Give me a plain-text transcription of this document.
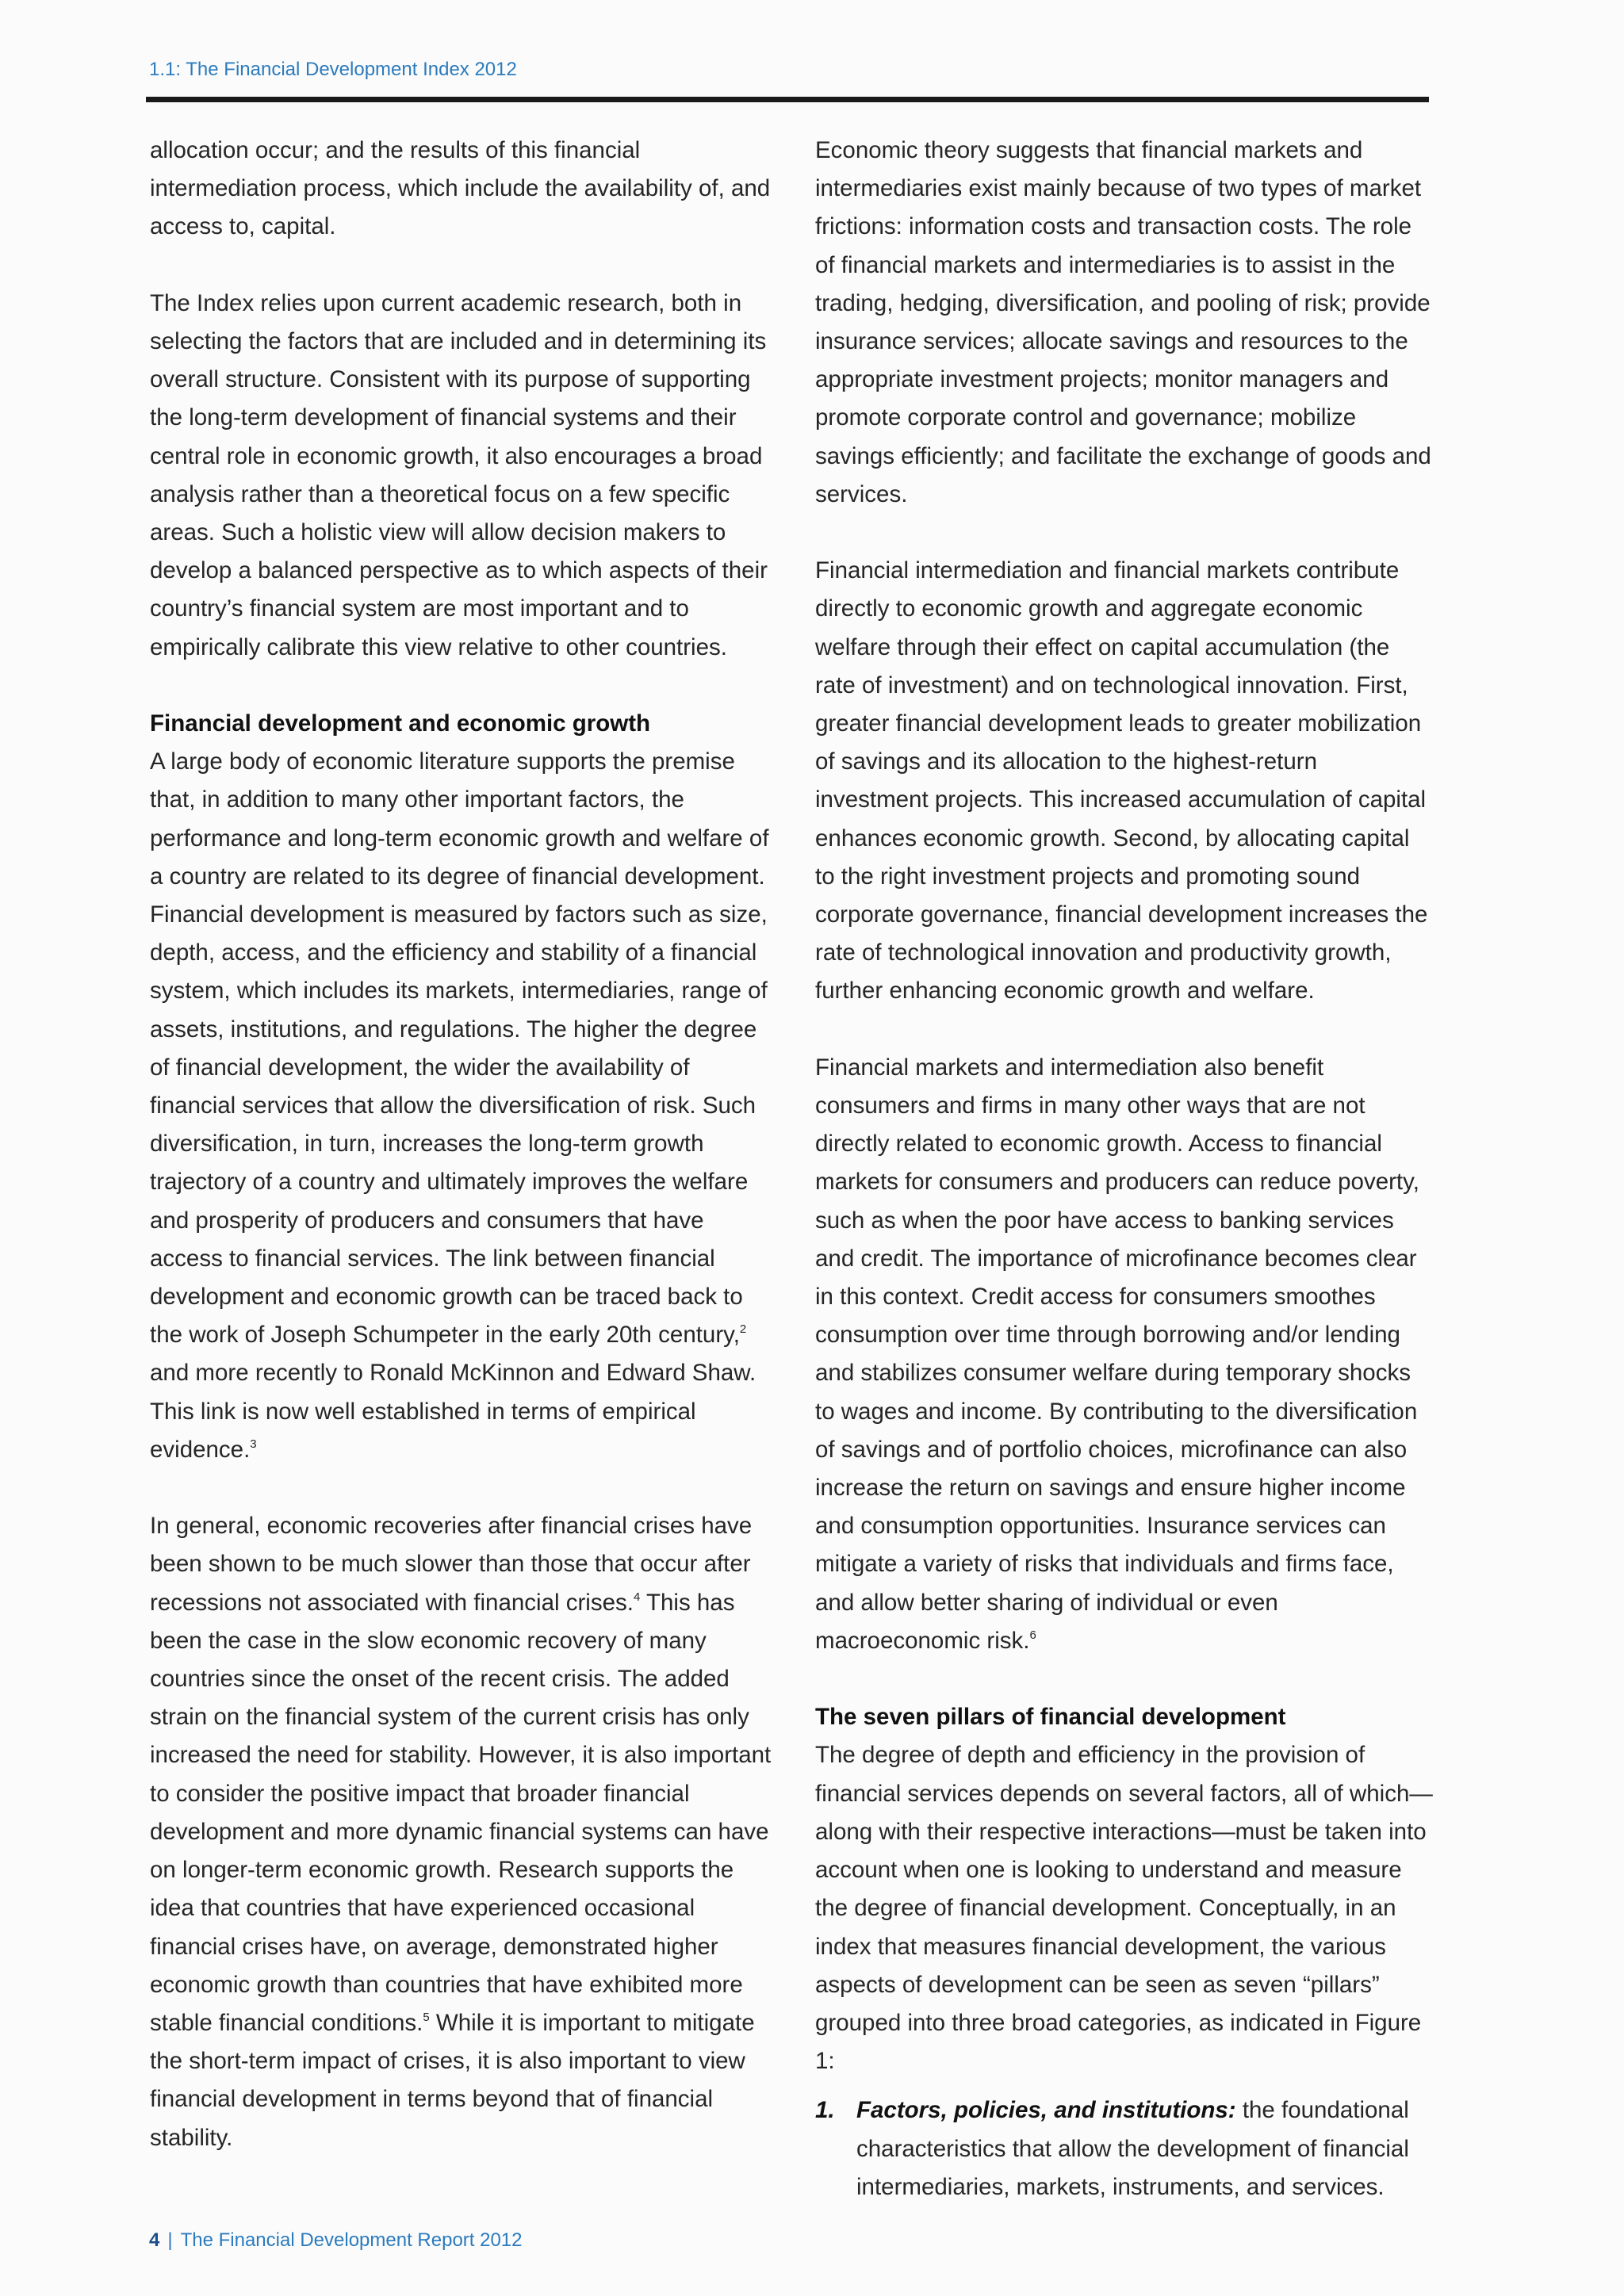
1.1: The Financial Development Index 2012

allocation occur; and the results of this financial intermediation process, which include the availability of, and access to, capital.

The Index relies upon current academic research, both in selecting the factors that are included and in determining its overall structure. Consistent with its purpose of supporting the long-term development of financial systems and their central role in economic growth, it also encourages a broad analysis rather than a theoretical focus on a few specific areas. Such a holistic view will allow decision makers to develop a balanced perspective as to which aspects of their country’s financial system are most important and to empirically calibrate this view relative to other countries.

Financial development and economic growth

A large body of economic literature supports the premise that, in addition to many other important factors, the performance and long-term economic growth and welfare of a country are related to its degree of financial development. Financial development is measured by factors such as size, depth, access, and the efficiency and stability of a financial system, which includes its markets, intermediaries, range of assets, institutions, and regulations. The higher the degree of financial development, the wider the availability of financial services that allow the diversification of risk. Such diversification, in turn, increases the long-term growth trajectory of a country and ultimately improves the welfare and prosperity of producers and consumers that have access to financial services. The link between financial development and economic growth can be traced back to the work of Joseph Schumpeter in the early 20th century,$^2$ and more recently to Ronald McKinnon and Edward Shaw. This link is now well established in terms of empirical evidence.$^3$

In general, economic recoveries after financial crises have been shown to be much slower than those that occur after recessions not associated with financial crises.$^4$ This has been the case in the slow economic recovery of many countries since the onset of the recent crisis. The added strain on the financial system of the current crisis has only increased the need for stability. However, it is also important to consider the positive impact that broader financial development and more dynamic financial systems can have on longer-term economic growth. Research supports the idea that countries that have experienced occasional financial crises have, on average, demonstrated higher economic growth than countries that have exhibited more stable financial conditions.$^5$ While it is important to mitigate the short-term impact of crises, it is also important to view financial development in terms beyond that of financial stability.

Economic theory suggests that financial markets and intermediaries exist mainly because of two types of market frictions: information costs and transaction costs. The role of financial markets and intermediaries is to assist in the trading, hedging, diversification, and pooling of risk; provide insurance services; allocate savings and resources to the appropriate investment projects; monitor managers and promote corporate control and governance; mobilize savings efficiently; and facilitate the exchange of goods and services.

Financial intermediation and financial markets contribute directly to economic growth and aggregate economic welfare through their effect on capital accumulation (the rate of investment) and on technological innovation. First, greater financial development leads to greater mobilization of savings and its allocation to the highest-return investment projects. This increased accumulation of capital enhances economic growth. Second, by allocating capital to the right investment projects and promoting sound corporate governance, financial development increases the rate of technological innovation and productivity growth, further enhancing economic growth and welfare.

Financial markets and intermediation also benefit consumers and firms in many other ways that are not directly related to economic growth. Access to financial markets for consumers and producers can reduce poverty, such as when the poor have access to banking services and credit. The importance of microfinance becomes clear in this context. Credit access for consumers smoothes consumption over time through borrowing and/or lending and stabilizes consumer welfare during temporary shocks to wages and income. By contributing to the diversification of savings and of portfolio choices, microfinance can also increase the return on savings and ensure higher income and consumption opportunities. Insurance services can mitigate a variety of risks that individuals and firms face, and allow better sharing of individual or even macroeconomic risk.$^6$

The seven pillars of financial development

The degree of depth and efficiency in the provision of financial services depends on several factors, all of which—along with their respective interactions—must be taken into account when one is looking to understand and measure the degree of financial development. Conceptually, in an index that measures financial development, the various aspects of development can be seen as seven “pillars” grouped into three broad categories, as indicated in Figure 1:

1. Factors, policies, and institutions: the foundational characteristics that allow the development of financial intermediaries, markets, instruments, and services.
4 | The Financial Development Report 2012
